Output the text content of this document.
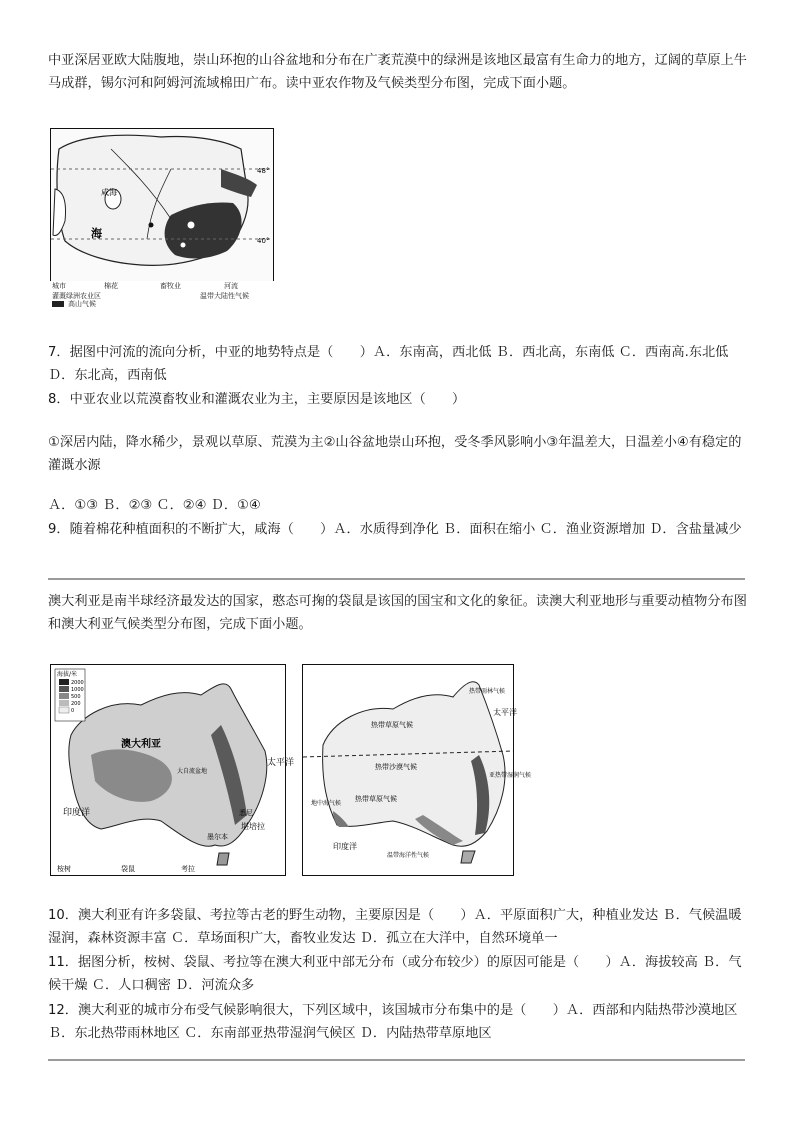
中亚深居亚欧大陆腹地，崇山环抱的山谷盆地和分布在广袤荒漠中的绿洲是该地区最富有生命力的地方，辽阔的草原上牛马成群，锡尔河和阿姆河流域棉田广布。读中亚农作物及气候类型分布图，完成下面小题。

海
咸海
48°
40°
城市	棉花	畜牧业	河流
灌溉绿洲农业区	温带大陆性气候
高山气候

7．据图中河流的流向分析，中亚的地势特点是（　　）Ａ．东南高，西北低 Ｂ．西北高，东南低 Ｃ．西南高.东北低 Ｄ．东北高，西南低

8．中亚农业以荒漠畜牧业和灌溉农业为主，主要原因是该地区（　　）

①深居内陆，降水稀少，景观以草原、荒漠为主②山谷盆地崇山环抱，受冬季风影响小③年温差大，日温差小④有稳定的灌溉水源

Ａ．①③ Ｂ．②③ Ｃ．②④ Ｄ．①④

9．随着棉花种植面积的不断扩大，咸海（　　）Ａ．水质得到净化 Ｂ．面积在缩小 Ｃ．渔业资源增加 Ｄ．含盐量减少

澳大利亚是南半球经济最发达的国家，憨态可掬的袋鼠是该国的国宝和文化的象征。读澳大利亚地形与重要动植物分布图和澳大利亚气候类型分布图，完成下面小题。

海拔/米
2000
1000
500
200
0
澳大利亚
大自流盆地
印度洋
太平洋
悉尼
堪培拉
墨尔本
桉树	袋鼠	考拉
热带雨林气候
热带草原气候
热带沙漠气候
热带草原气候
地中海气候
亚热带湿润气候
温带海洋性气候
印度洋
太平洋

10．澳大利亚有许多袋鼠、考拉等古老的野生动物，主要原因是（　　）Ａ．平原面积广大，种植业发达 Ｂ．气候温暖湿润，森林资源丰富 Ｃ．草场面积广大，畜牧业发达 Ｄ．孤立在大洋中，自然环境单一

11．据图分析，桉树、袋鼠、考拉等在澳大利亚中部无分布（或分布较少）的原因可能是（　　）Ａ．海拔较高 Ｂ．气候干燥 Ｃ．人口稠密 Ｄ．河流众多

12．澳大利亚的城市分布受气候影响很大，下列区域中，该国城市分布集中的是（　　）Ａ．西部和内陆热带沙漠地区 Ｂ．东北热带雨林地区 Ｃ．东南部亚热带湿润气候区 Ｄ．内陆热带草原地区
